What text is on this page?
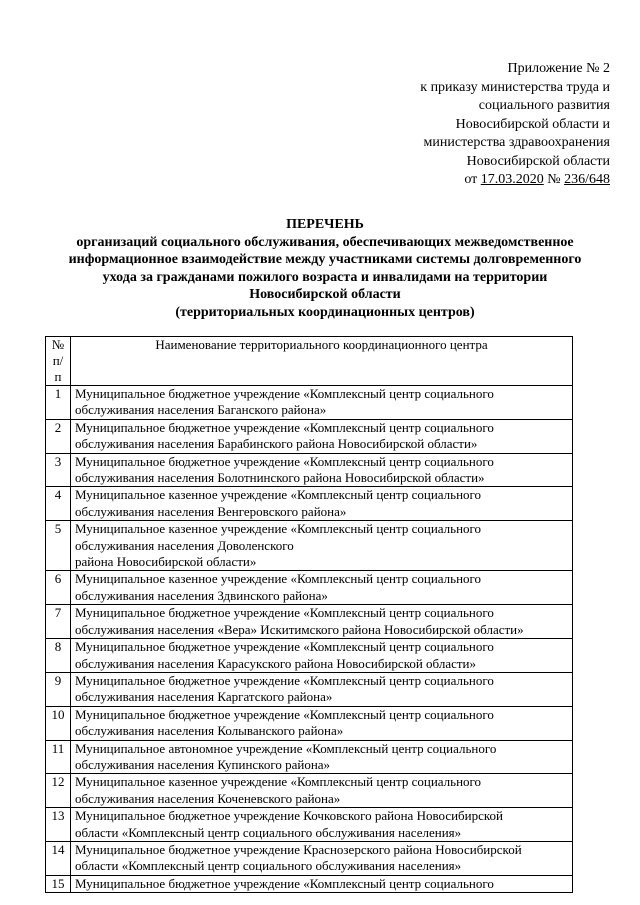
Приложение № 2
к приказу министерства труда и
социального развития
Новосибирской области и
министерства здравоохранения
Новосибирской области
от 17.03.2020 № 236/648
ПЕРЕЧЕНЬ
организаций социального обслуживания, обеспечивающих межведомственное
информационное взаимодействие между участниками системы долговременного
ухода за гражданами пожилого возраста и инвалидами на территории
Новосибирской области
(территориальных координационных центров)
№
п/п	Наименование территориального координационного центра
1	Муниципальное бюджетное учреждение «Комплексный центр социального
обслуживания населения Баганского района»

2	Муниципальное бюджетное учреждение «Комплексный центр социального
обслуживания населения Барабинского района Новосибирской области»

3	Муниципальное бюджетное учреждение «Комплексный центр социального
обслуживания населения Болотнинского района Новосибирской области»

4	Муниципальное казенное учреждение «Комплексный центр социального
обслуживания населения Венгеровского района»

5	Муниципальное казенное учреждение «Комплексный центр социального
обслуживания населения Доволенского
района Новосибирской области»

6	Муниципальное казенное учреждение «Комплексный центр социального
обслуживания населения Здвинского района»

7	Муниципальное бюджетное учреждение «Комплексный центр социального
обслуживания населения «Вера» Искитимского района Новосибирской области»

8	Муниципальное бюджетное учреждение «Комплексный центр социального
обслуживания населения Карасукского района Новосибирской области»

9	Муниципальное бюджетное учреждение «Комплексный центр социального
обслуживания населения Каргатского района»

10	Муниципальное бюджетное учреждение «Комплексный центр социального
обслуживания населения Колыванского района»

11	Муниципальное автономное учреждение «Комплексный центр социального
обслуживания населения Купинского района»

12	Муниципальное казенное учреждение «Комплексный центр социального
обслуживания населения Коченевского района»

13	Муниципальное бюджетное учреждение Кочковского района Новосибирской
области «Комплексный центр социального обслуживания населения»

14	Муниципальное бюджетное учреждение Краснозерского района Новосибирской
области «Комплексный центр социального обслуживания населения»

15	Муниципальное бюджетное учреждение «Комплексный центр социального
